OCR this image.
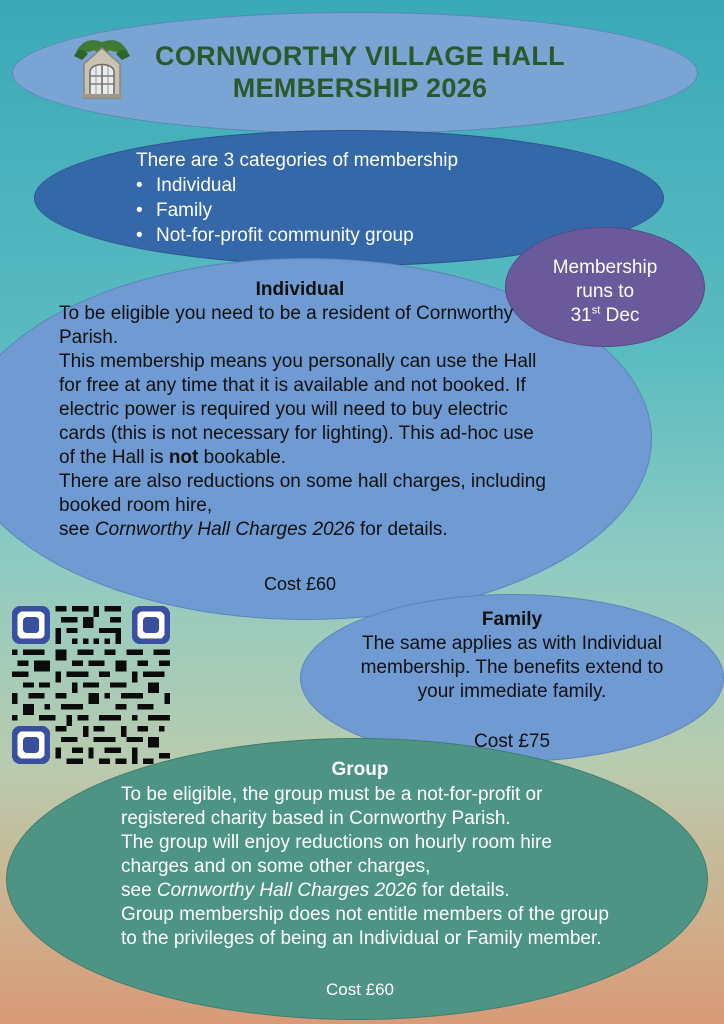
CORNWORTHY VILLAGE HALL
MEMBERSHIP 2026
There are 3 categories of membership
• Individual
• Family
• Not-for-profit community group
Membership
runs to
31st Dec
Individual
To be eligible you need to be a resident of Cornworthy Parish.
This membership means you personally can use the Hall for free at any time that it is available and not booked. If electric power is required you will need to buy electric cards (this is not necessary for lighting). This ad-hoc use of the Hall is not bookable.
There are also reductions on some hall charges, including booked room hire,
see Cornworthy Hall Charges 2026 for details.
Cost £60
Family
The same applies as with Individual membership. The benefits extend to your immediate family.
Cost £75
Group
To be eligible, the group must be a not-for-profit or registered charity based in Cornworthy Parish.
The group will enjoy reductions on hourly room hire charges and on some other charges,
see Cornworthy Hall Charges 2026 for details.
Group membership does not entitle members of the group to the privileges of being an Individual or Family member.
Cost £60
